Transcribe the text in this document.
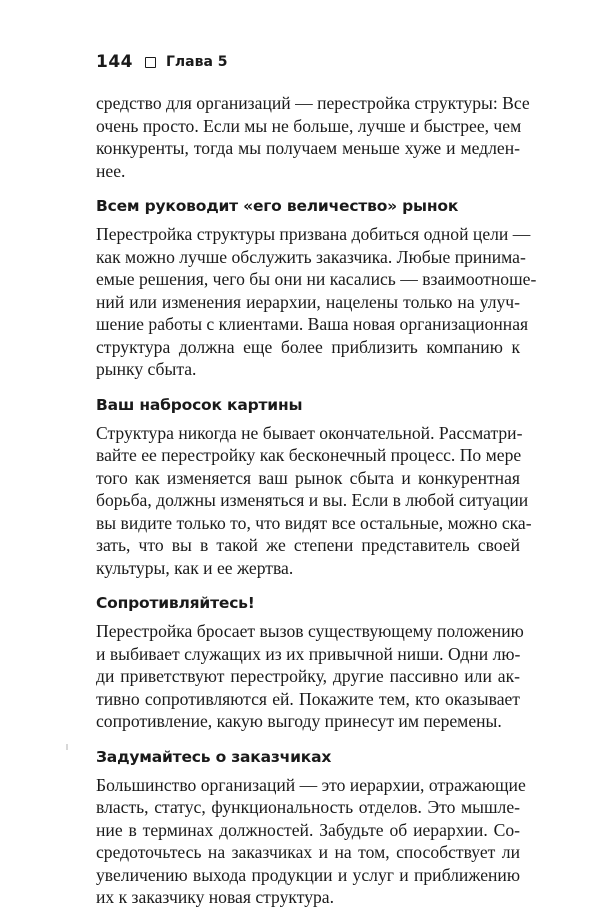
144 Глава 5
средство для организаций — перестройка структуры: Все
очень просто. Если мы не больше, лучше и быстрее, чем
конкуренты, тогда мы получаем меньше хуже и медлен-
нее.
Всем руководит «его величество» рынок
Перестройка структуры призвана добиться одной цели —
как можно лучше обслужить заказчика. Любые принима-
емые решения, чего бы они ни касались — взаимоотноше-
ний или изменения иерархии, нацелены только на улуч-
шение работы с клиентами. Ваша новая организационная
структура должна еще более приблизить компанию к
рынку сбыта.
Ваш набросок картины
Структура никогда не бывает окончательной. Рассматри-
вайте ее перестройку как бесконечный процесс. По мере
того как изменяется ваш рынок сбыта и конкурентная
борьба, должны изменяться и вы. Если в любой ситуации
вы видите только то, что видят все остальные, можно ска-
зать, что вы в такой же степени представитель своей
культуры, как и ее жертва.
Сопротивляйтесь!
Перестройка бросает вызов существующему положению
и выбивает служащих из их привычной ниши. Одни лю-
ди приветствуют перестройку, другие пассивно или ак-
тивно сопротивляются ей. Покажите тем, кто оказывает
сопротивление, какую выгоду принесут им перемены.
Задумайтесь о заказчиках
Большинство организаций — это иерархии, отражающие
власть, статус, функциональность отделов. Это мышле-
ние в терминах должностей. Забудьте об иерархии. Со-
средоточьтесь на заказчиках и на том, способствует ли
увеличению выхода продукции и услуг и приближению
их к заказчику новая структура.
